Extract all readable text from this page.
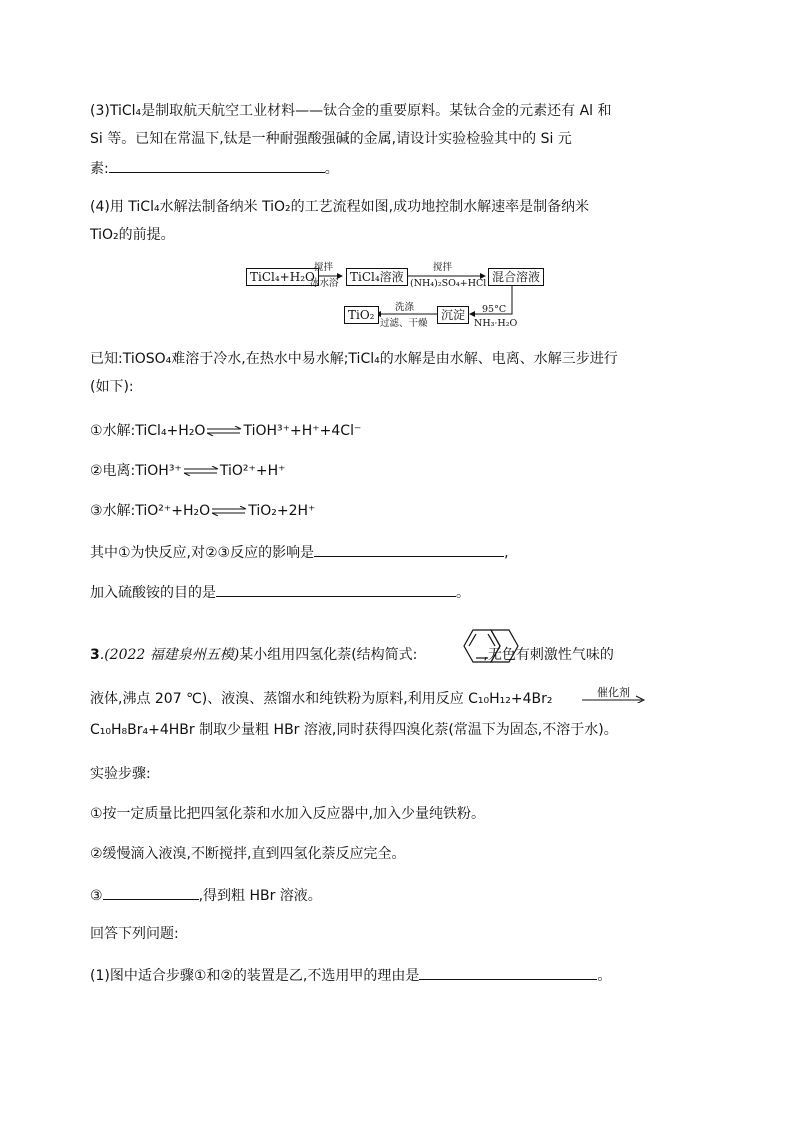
(3)TiCl₄是制取航天航空工业材料——钛合金的重要原料。某钛合金的元素还有 Al 和
Si 等。已知在常温下,钛是一种耐强酸强碱的金属,请设计实验检验其中的 Si 元
素:	。
(4)用 TiCl₄水解法制备纳米 TiO₂的工艺流程如图,成功地控制水解速率是制备纳米
TiO₂的前提。
TiCl₄+H₂O	TiCl₄溶液	混合溶液
沉淀
TiO₂
搅拌
冰水浴
搅拌
(NH₄)₂SO₄+HCl
95°C
NH₃·H₂O
洗涤
过滤、干燥
已知:TiOSO₄难溶于冷水,在热水中易水解;TiCl₄的水解是由水解、电离、水解三步进行
(如下):
①水解:TiCl₄+H₂O⇌TiOH³⁺+H⁺+4Cl⁻
②电离:TiOH³⁺⇌TiO²⁺+H⁺
③水解:TiO²⁺+H₂O⇌TiO₂+2H⁺
其中①为快反应,对②③反应的影响是	,
加入硫酸铵的目的是	。
3.(2022 福建泉州五模)某小组用四氢化萘(结构简式:	,无色有刺激性气味的
液体,沸点 207 ℃)、液溴、蒸馏水和纯铁粉为原料,利用反应 C₁₀H₁₂+4Br₂	催化剂
C₁₀H₈Br₄+4HBr 制取少量粗 HBr 溶液,同时获得四溴化萘(常温下为固态,不溶于水)。
实验步骤:
①按一定质量比把四氢化萘和水加入反应器中,加入少量纯铁粉。
②缓慢滴入液溴,不断搅拌,直到四氢化萘反应完全。
③	,得到粗 HBr 溶液。
回答下列问题:
(1)图中适合步骤①和②的装置是乙,不选用甲的理由是	。
